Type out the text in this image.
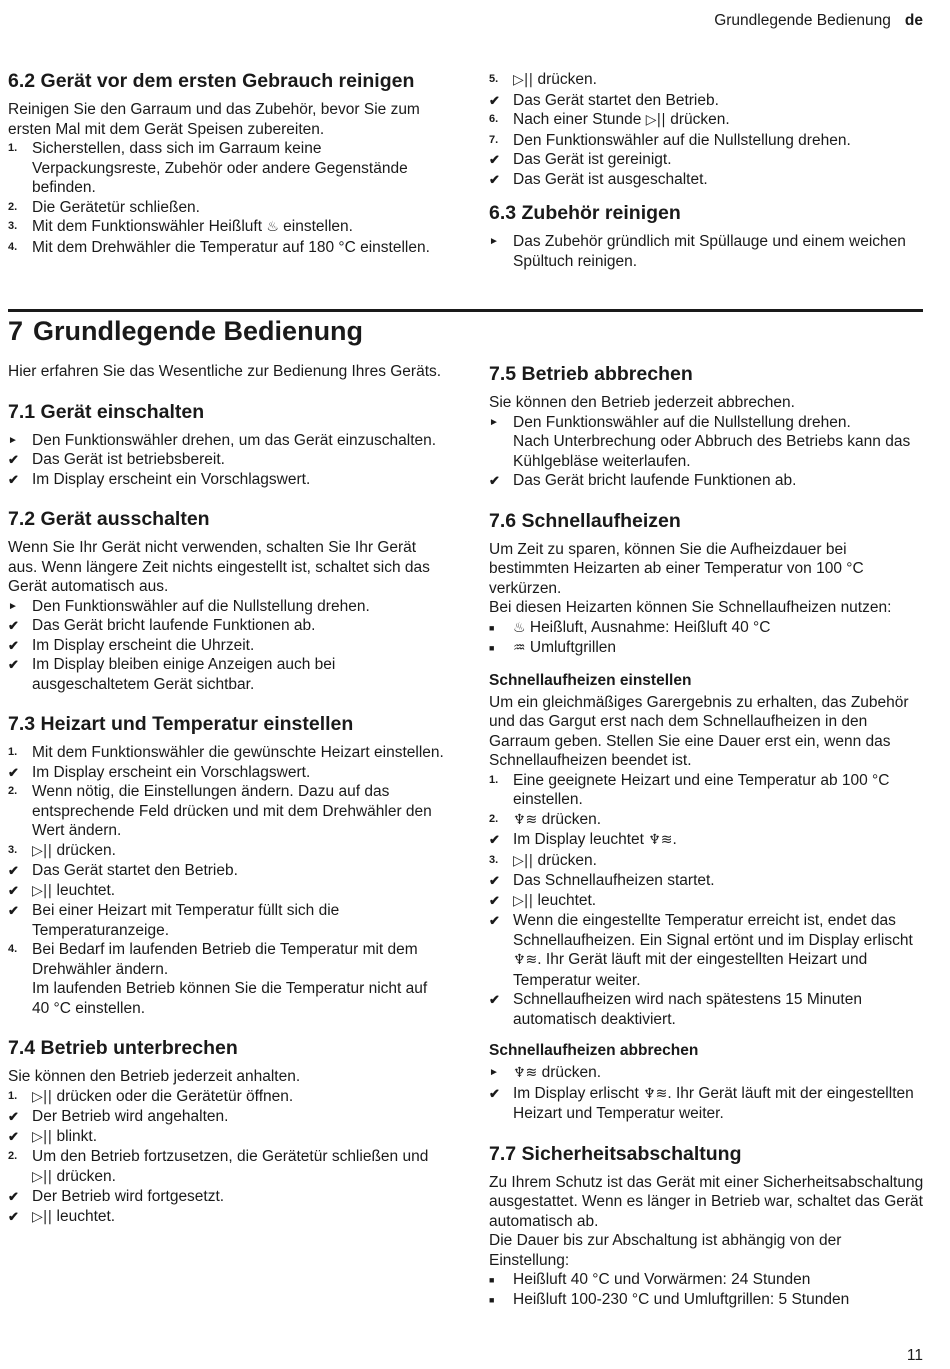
Grundlegende Bedienung de
6.2 Gerät vor dem ersten Gebrauch reinigen

Reinigen Sie den Garraum und das Zubehör, bevor Sie zum ersten Mal mit dem Gerät Speisen zubereiten.

1. Sicherstellen, dass sich im Garraum keine Verpackungsreste, Zubehör oder andere Gegenstände befinden.
2. Die Gerätetür schließen.
3. Mit dem Funktionswähler Heißluft ♨ einstellen.
4. Mit dem Drehwähler die Temperatur auf 180 °C einstellen.
5. ▷|| drücken.
✔ Das Gerät startet den Betrieb.
6. Nach einer Stunde ▷|| drücken.
7. Den Funktionswähler auf die Nullstellung drehen.
✔ Das Gerät ist gereinigt.
✔ Das Gerät ist ausgeschaltet.
6.3 Zubehör reinigen
► Das Zubehör gründlich mit Spüllauge und einem weichen Spültuch reinigen.
7 Grundlegende Bedienung

Hier erfahren Sie das Wesentliche zur Bedienung Ihres Geräts.

7.1 Gerät einschalten
► Den Funktionswähler drehen, um das Gerät einzuschalten.
✔ Das Gerät ist betriebsbereit.
✔ Im Display erscheint ein Vorschlagswert.
7.2 Gerät ausschalten

Wenn Sie Ihr Gerät nicht verwenden, schalten Sie Ihr Gerät aus. Wenn längere Zeit nichts eingestellt ist, schaltet sich das Gerät automatisch aus.

► Den Funktionswähler auf die Nullstellung drehen.
✔ Das Gerät bricht laufende Funktionen ab.
✔ Im Display erscheint die Uhrzeit.
✔ Im Display bleiben einige Anzeigen auch bei ausgeschaltetem Gerät sichtbar.
7.3 Heizart und Temperatur einstellen
1. Mit dem Funktionswähler die gewünschte Heizart einstellen.
✔ Im Display erscheint ein Vorschlagswert.
2. Wenn nötig, die Einstellungen ändern. Dazu auf das entsprechende Feld drücken und mit dem Drehwähler den Wert ändern.
3. ▷|| drücken.
✔ Das Gerät startet den Betrieb.
✔ ▷|| leuchtet.
✔ Bei einer Heizart mit Temperatur füllt sich die Temperaturanzeige.
4. Bei Bedarf im laufenden Betrieb die Temperatur mit dem Drehwähler ändern.
Im laufenden Betrieb können Sie die Temperatur nicht auf 40 °C einstellen.
7.4 Betrieb unterbrechen

Sie können den Betrieb jederzeit anhalten.

1. ▷|| drücken oder die Gerätetür öffnen.
✔ Der Betrieb wird angehalten.
✔ ▷|| blinkt.
2. Um den Betrieb fortzusetzen, die Gerätetür schließen und ▷|| drücken.
✔ Der Betrieb wird fortgesetzt.
✔ ▷|| leuchtet.
7.5 Betrieb abbrechen

Sie können den Betrieb jederzeit abbrechen.

► Den Funktionswähler auf die Nullstellung drehen.
Nach Unterbrechung oder Abbruch des Betriebs kann das Kühlgebläse weiterlaufen.
✔ Das Gerät bricht laufende Funktionen ab.
7.6 Schnellaufheizen

Um Zeit zu sparen, können Sie die Aufheizdauer bei bestimmten Heizarten ab einer Temperatur von 100 °C verkürzen.

Bei diesen Heizarten können Sie Schnellaufheizen nutzen:

■ ♨ Heißluft, Ausnahme: Heißluft 40 °C
■ ♒ Umluftgrillen
Schnellaufheizen einstellen

Um ein gleichmäßiges Garergebnis zu erhalten, das Zubehör und das Gargut erst nach dem Schnellaufheizen in den Garraum geben. Stellen Sie eine Dauer erst ein, wenn das Schnellaufheizen beendet ist.

1. Eine geeignete Heizart und eine Temperatur ab 100 °C einstellen.
2. ♆≋ drücken.
✔ Im Display leuchtet ♆≋.
3. ▷|| drücken.
✔ Das Schnellaufheizen startet.
✔ ▷|| leuchtet.
✔ Wenn die eingestellte Temperatur erreicht ist, endet das Schnellaufheizen. Ein Signal ertönt und im Display erlischt ♆≋. Ihr Gerät läuft mit der eingestellten Heizart und Temperatur weiter.
✔ Schnellaufheizen wird nach spätestens 15 Minuten automatisch deaktiviert.
Schnellaufheizen abbrechen
► ♆≋ drücken.
✔ Im Display erlischt ♆≋. Ihr Gerät läuft mit der eingestellten Heizart und Temperatur weiter.
7.7 Sicherheitsabschaltung

Zu Ihrem Schutz ist das Gerät mit einer Sicherheitsabschaltung ausgestattet. Wenn es länger in Betrieb war, schaltet das Gerät automatisch ab.

Die Dauer bis zur Abschaltung ist abhängig von der Einstellung:

■ Heißluft 40 °C und Vorwärmen: 24 Stunden
■ Heißluft 100-230 °C und Umluftgrillen: 5 Stunden
11
